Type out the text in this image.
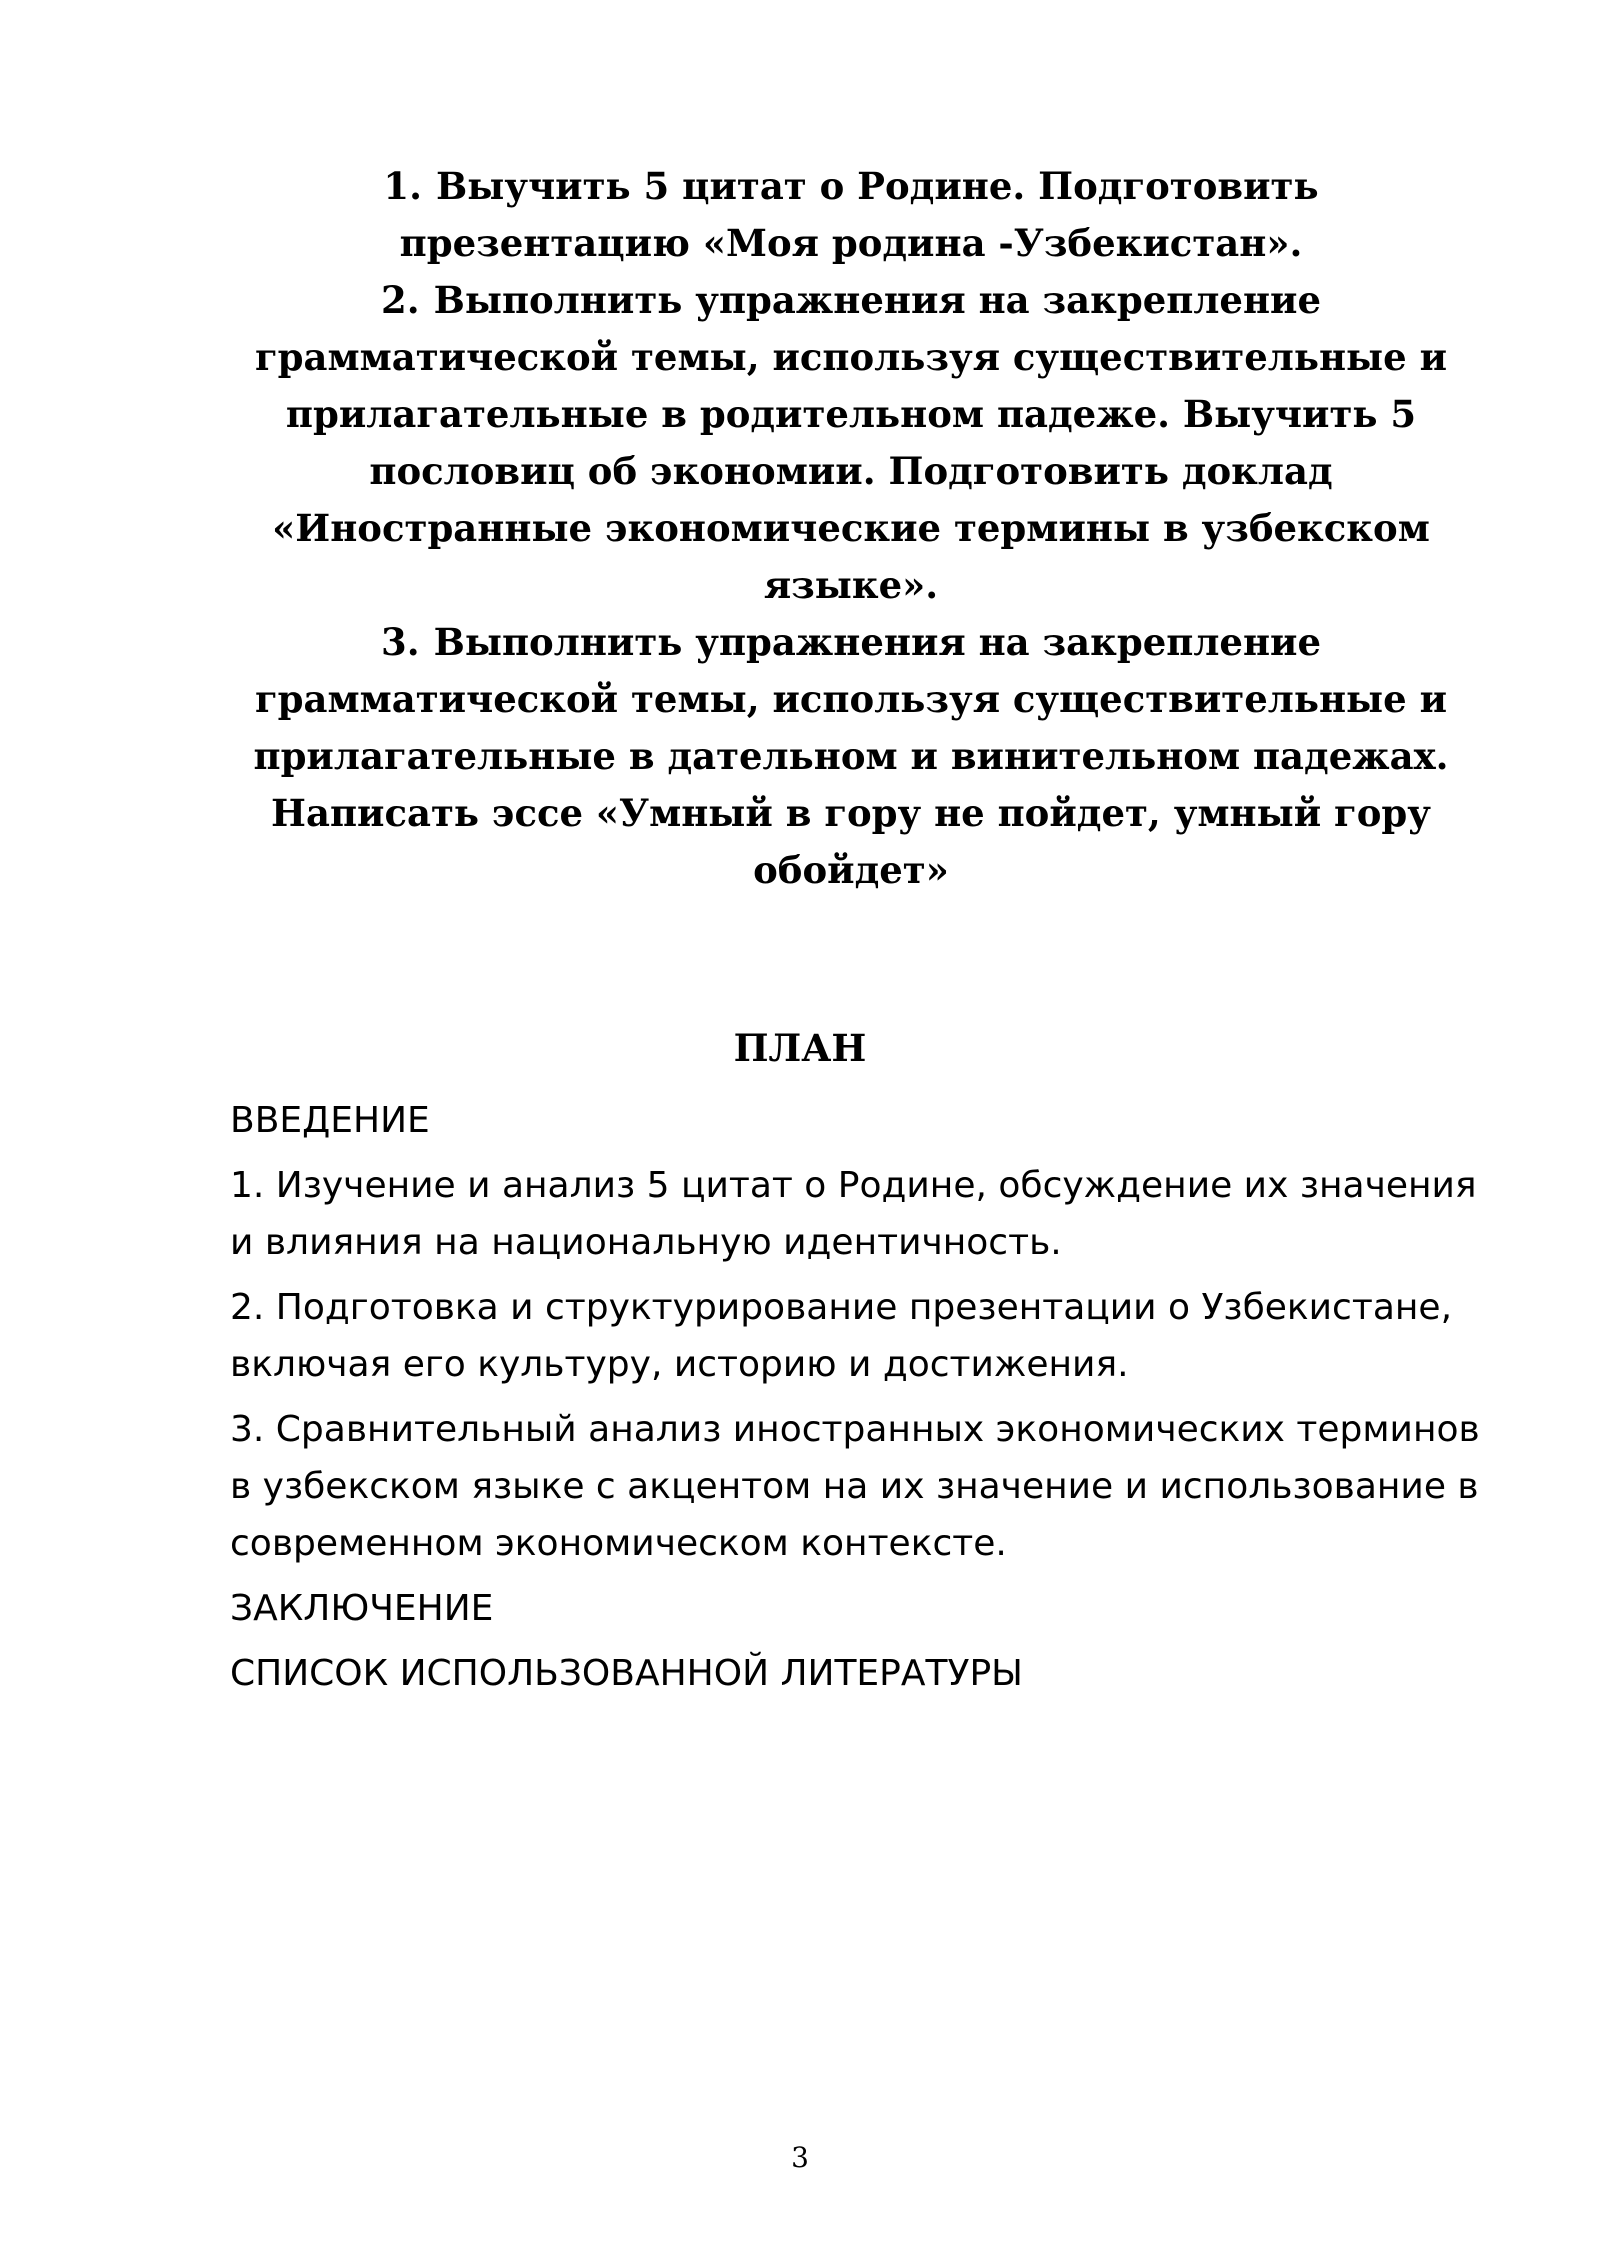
1. Выучить 5 цитат о Родине. Подготовить презентацию «Моя родина -Узбекистан».

2. Выполнить упражнения на закрепление грамматической темы, используя существительные и прилагательные в родительном падеже. Выучить 5 пословиц об экономии. Подготовить доклад «Иностранные экономические термины в узбекском языке».

3. Выполнить упражнения на закрепление грамматической темы, используя существительные и прилагательные в дательном и винительном падежах. Написать эссе «Умный в гору не пойдет, умный гору обойдет»

ПЛАН

ВВЕДЕНИЕ

1. Изучение и анализ 5 цитат о Родине, обсуждение их значения и влияния на национальную идентичность.

2. Подготовка и структурирование презентации о Узбекистане, включая его культуру, историю и достижения.

3. Сравнительный анализ иностранных экономических терминов в узбекском языке с акцентом на их значение и использование в современном экономическом контексте.

ЗАКЛЮЧЕНИЕ

СПИСОК ИСПОЛЬЗОВАННОЙ ЛИТЕРАТУРЫ

3
